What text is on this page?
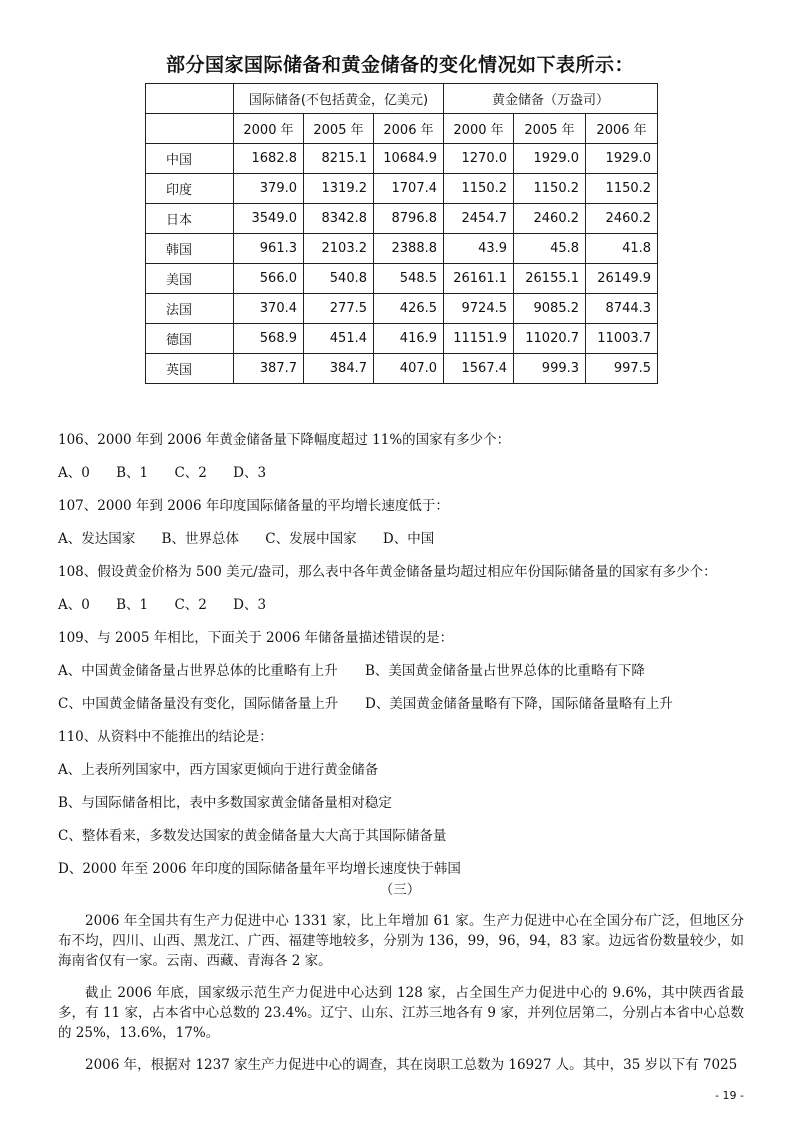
部分国家国际储备和黄金储备的变化情况如下表所示：
	国际储备(不包括黄金，亿美元)			黄金储备（万盎司）		
	2000 年	2005 年	2006 年	2000 年	2005 年	2006 年
中国	1682.8	8215.1	10684.9	1270.0	1929.0	1929.0
印度	379.0	1319.2	1707.4	1150.2	1150.2	1150.2
日本	3549.0	8342.8	8796.8	2454.7	2460.2	2460.2
韩国	961.3	2103.2	2388.8	43.9	45.8	41.8
美国	566.0	540.8	548.5	26161.1	26155.1	26149.9
法国	370.4	277.5	426.5	9724.5	9085.2	8744.3
德国	568.9	451.4	416.9	11151.9	11020.7	11003.7
英国	387.7	384.7	407.0	1567.4	999.3	997.5
106、2000 年到 2006 年黄金储备量下降幅度超过 11%的国家有多少个：
A、0 B、1 C、2 D、3
107、2000 年到 2006 年印度国际储备量的平均增长速度低于：
A、发达国家 B、世界总体 C、发展中国家 D、中国
108、假设黄金价格为 500 美元/盎司，那么表中各年黄金储备量均超过相应年份国际储备量的国家有多少个：
A、0 B、1 C、2 D、3
109、与 2005 年相比，下面关于 2006 年储备量描述错误的是：
A、中国黄金储备量占世界总体的比重略有上升 B、美国黄金储备量占世界总体的比重略有下降
C、中国黄金储备量没有变化，国际储备量上升 D、美国黄金储备量略有下降，国际储备量略有上升
110、从资料中不能推出的结论是：
A、上表所列国家中，西方国家更倾向于进行黄金储备
B、与国际储备相比，表中多数国家黄金储备量相对稳定
C、整体看来，多数发达国家的黄金储备量大大高于其国际储备量
D、2000 年至 2006 年印度的国际储备量年平均增长速度快于韩国
（三）
2006 年全国共有生产力促进中心 1331 家，比上年增加 61 家。生产力促进中心在全国分布广泛，但地区分布不均，四川、山西、黑龙江、广西、福建等地较多，分别为 136，99，96，94，83 家。边远省份数量较少，如海南省仅有一家。云南、西藏、青海各 2 家。
截止 2006 年底，国家级示范生产力促进中心达到 128 家，占全国生产力促进中心的 9.6%，其中陕西省最多，有 11 家，占本省中心总数的 23.4%。辽宁、山东、江苏三地各有 9 家，并列位居第二，分别占本省中心总数的 25%，13.6%，17%。
2006 年，根据对 1237 家生产力促进中心的调查，其在岗职工总数为 16927 人。其中，35 岁以下有 7025
- 19 -
